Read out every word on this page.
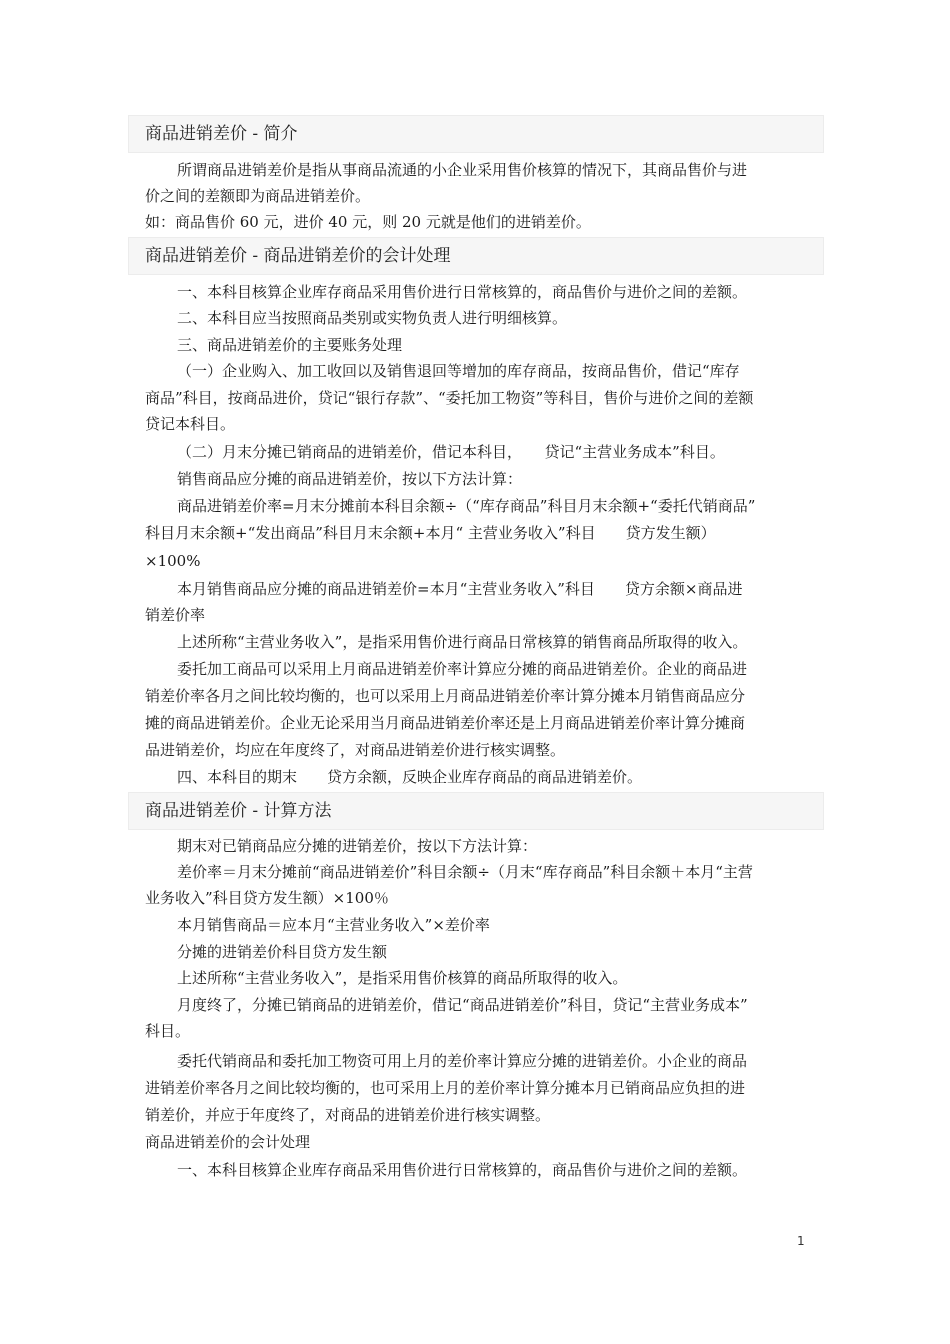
商品进销差价 - 简介
所谓商品进销差价是指从事商品流通的小企业采用售价核算的情况下，其商品售价与进
价之间的差额即为商品进销差价。
如：商品售价 60 元，进价 40 元，则 20 元就是他们的进销差价。
商品进销差价 - 商品进销差价的会计处理
一、本科目核算企业库存商品采用售价进行日常核算的，商品售价与进价之间的差额。
二、本科目应当按照商品类别或实物负责人进行明细核算。
三、商品进销差价的主要账务处理
（一）企业购入、加工收回以及销售退回等增加的库存商品，按商品售价，借记“库存
商品”科目，按商品进价，贷记“银行存款”、“委托加工物资”等科目，售价与进价之间的差额
贷记本科目。
（二）月末分摊已销商品的进销差价，借记本科目，　　贷记“主营业务成本”科目。
销售商品应分摊的商品进销差价，按以下方法计算：
商品进销差价率=月末分摊前本科目余额÷（“库存商品”科目月末余额+“委托代销商品”
科目月末余额+“发出商品”科目月末余额+本月“ 主营业务收入”科目　　贷方发生额）
×100%
本月销售商品应分摊的商品进销差价=本月“主营业务收入”科目　　贷方余额×商品进
销差价率
上述所称“主营业务收入”，是指采用售价进行商品日常核算的销售商品所取得的收入。
委托加工商品可以采用上月商品进销差价率计算应分摊的商品进销差价。企业的商品进
销差价率各月之间比较均衡的，也可以采用上月商品进销差价率计算分摊本月销售商品应分
摊的商品进销差价。企业无论采用当月商品进销差价率还是上月商品进销差价率计算分摊商
品进销差价，均应在年度终了，对商品进销差价进行核实调整。
四、本科目的期末　　贷方余额，反映企业库存商品的商品进销差价。
商品进销差价 - 计算方法
期末对已销商品应分摊的进销差价，按以下方法计算：
差价率＝月末分摊前“商品进销差价”科目余额÷（月末“库存商品”科目余额＋本月“主营
业务收入”科目贷方发生额）×100％
本月销售商品＝应本月“主营业务收入”×差价率
分摊的进销差价科目贷方发生额
上述所称“主营业务收入”，是指采用售价核算的商品所取得的收入。
月度终了，分摊已销商品的进销差价，借记“商品进销差价”科目，贷记“主营业务成本”
科目。
委托代销商品和委托加工物资可用上月的差价率计算应分摊的进销差价。小企业的商品
进销差价率各月之间比较均衡的，也可采用上月的差价率计算分摊本月已销商品应负担的进
销差价，并应于年度终了，对商品的进销差价进行核实调整。
商品进销差价的会计处理
一、本科目核算企业库存商品采用售价进行日常核算的，商品售价与进价之间的差额。
1
